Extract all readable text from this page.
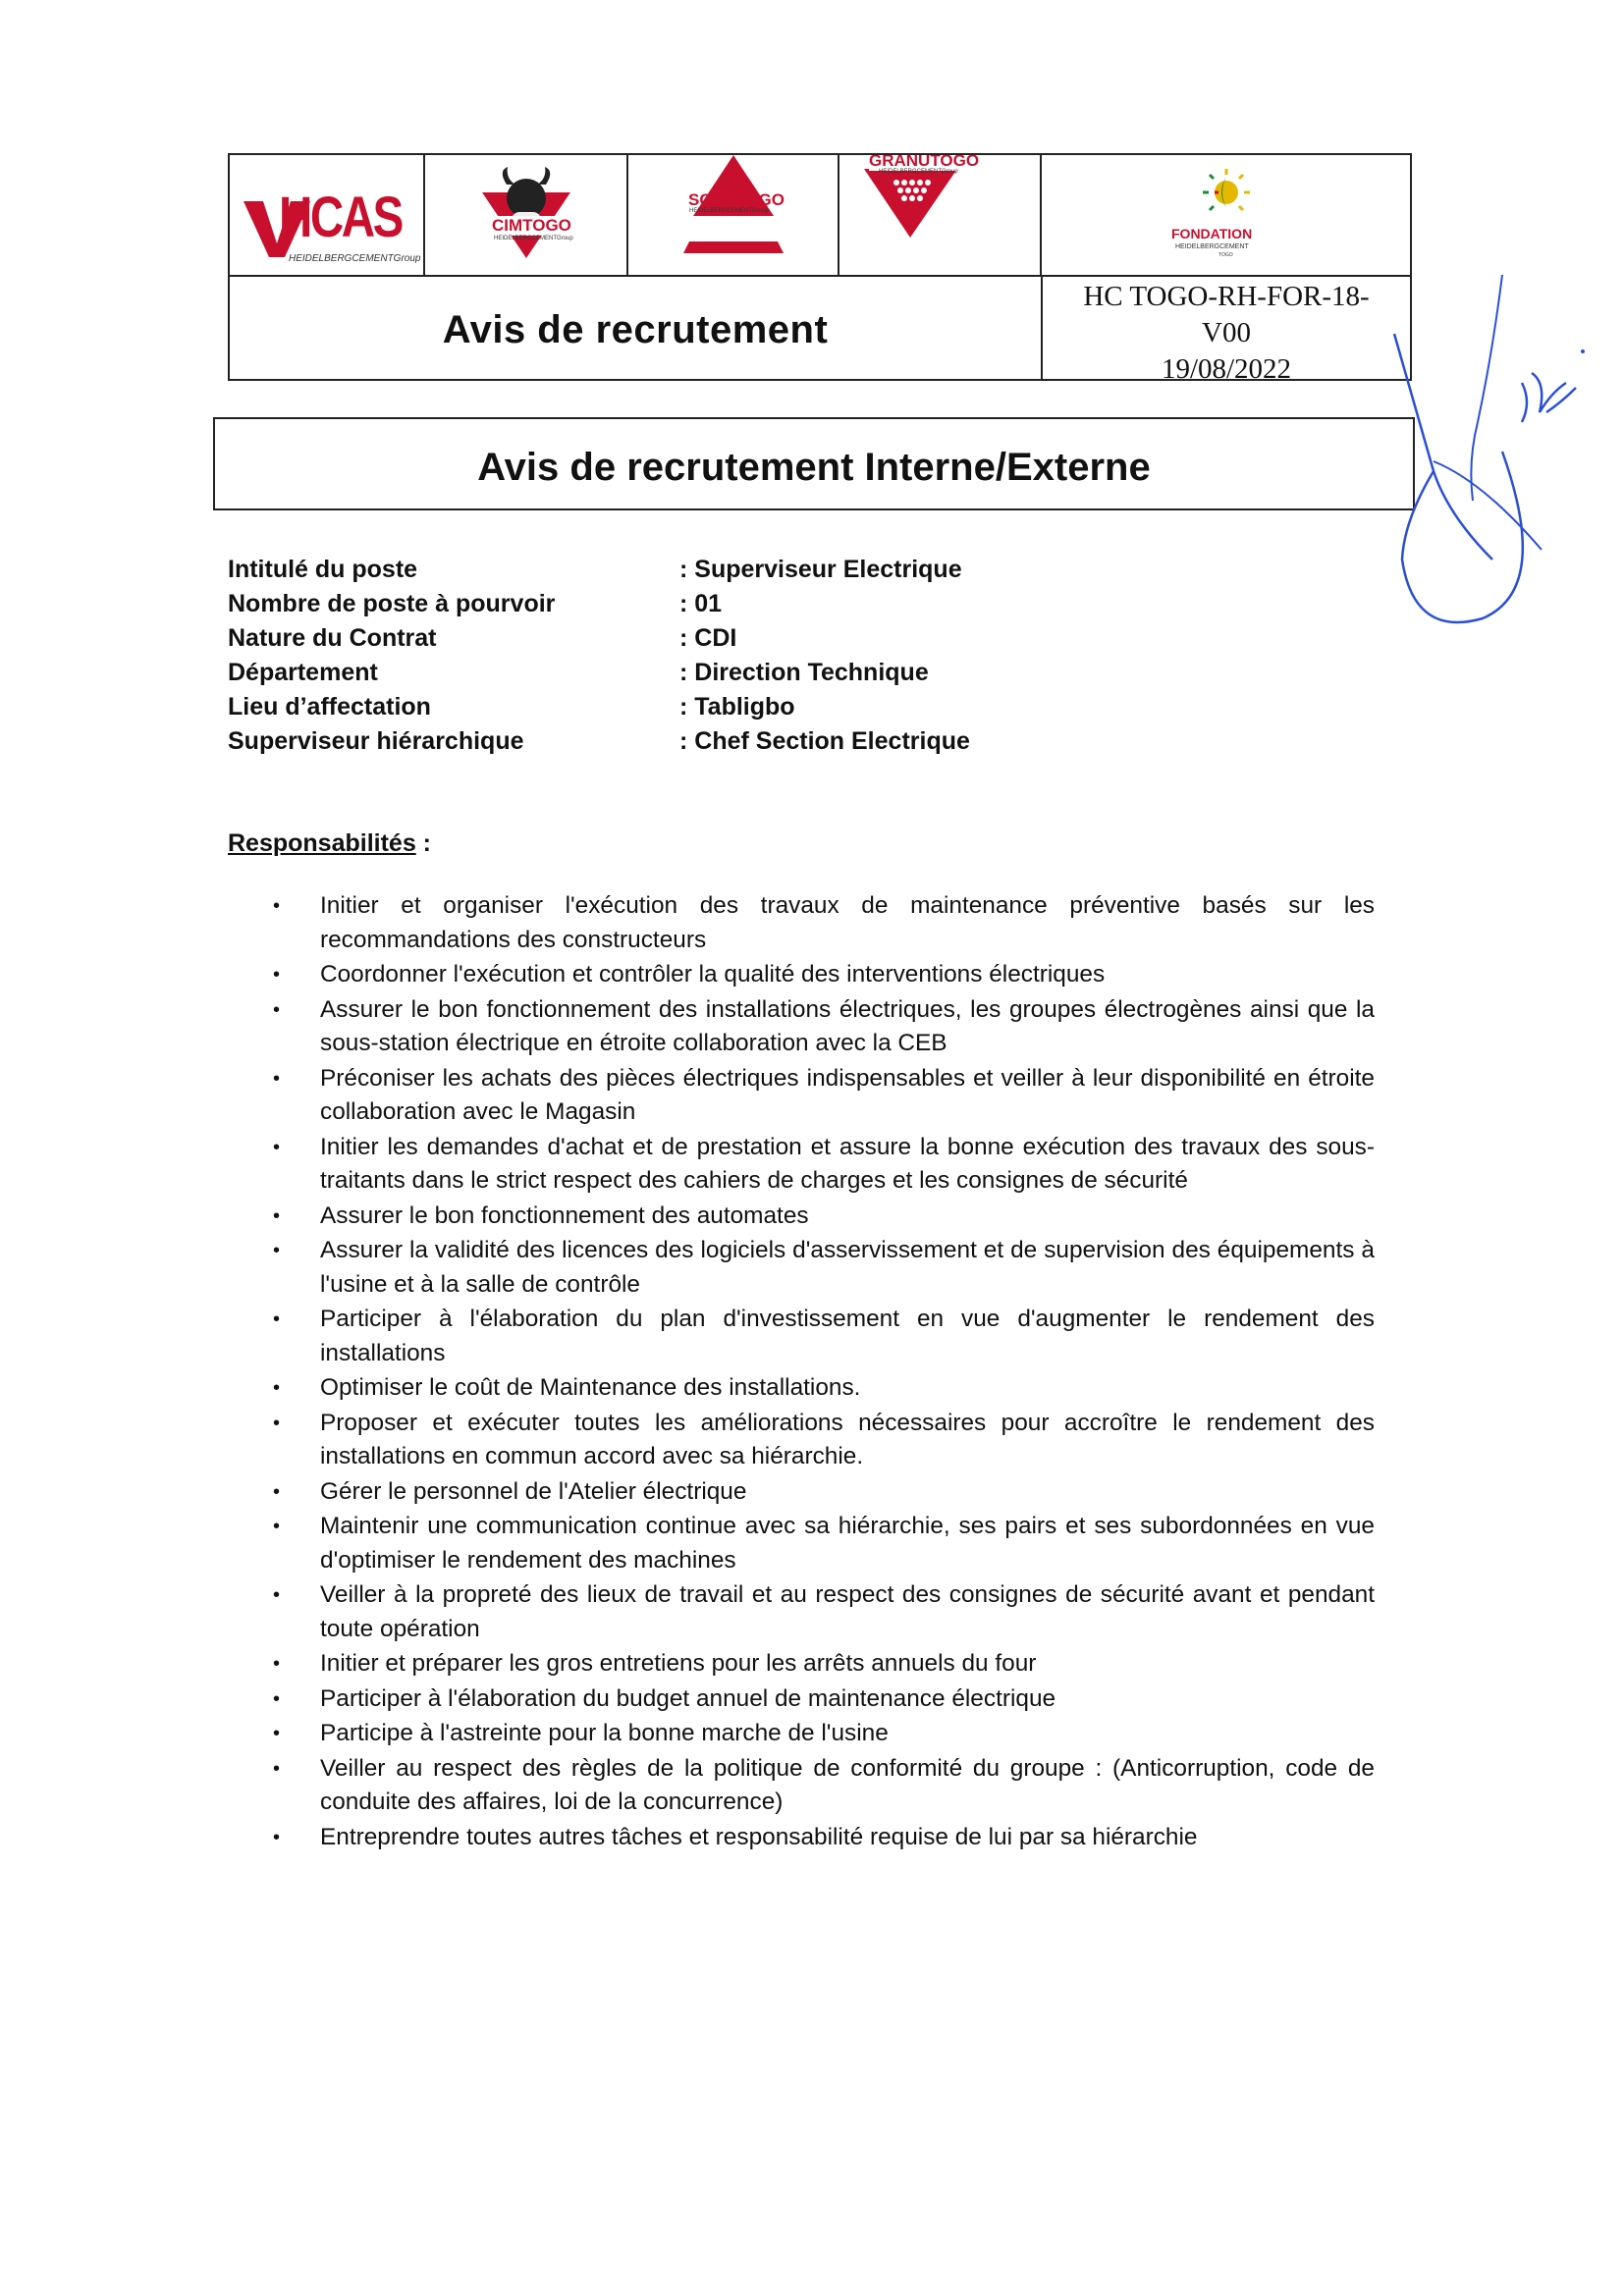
HCAS
HEIDELBERGCEMENTGroup
CIMTOGO
HEIDELBERGCEMENTGroup
SCANTOGO
HEIDELBERGCEMENTGroup
GRANUTOGO
HEIDELBERGCEMENTGroup
FONDATION
HEIDELBERGCEMENT
TOGO
Avis de recrutement
HC TOGO-RH-FOR-18-
V00
19/08/2022
Avis de recrutement Interne/Externe
Intitulé du poste	: Superviseur Electrique
Nombre de poste à pourvoir	: 01
Nature du Contrat	: CDI
Département	: Direction Technique
Lieu d’affectation	: Tabligbo
Superviseur hiérarchique	: Chef Section Electrique
Responsabilités :
• Initier et organiser l'exécution des travaux de maintenance préventive basés sur les recommandations des constructeurs
• Coordonner l'exécution et contrôler la qualité des interventions électriques
• Assurer le bon fonctionnement des installations électriques, les groupes électrogènes ainsi que la sous-station électrique en étroite collaboration avec la CEB
• Préconiser les achats des pièces électriques indispensables et veiller à leur disponibilité en étroite collaboration avec le Magasin
• Initier les demandes d'achat et de prestation et assure la bonne exécution des travaux des sous-traitants dans le strict respect des cahiers de charges et les consignes de sécurité
• Assurer le bon fonctionnement des automates
• Assurer la validité des licences des logiciels d'asservissement et de supervision des équipements à l'usine et à la salle de contrôle
• Participer à l'élaboration du plan d'investissement en vue d'augmenter le rendement des installations
• Optimiser le coût de Maintenance des installations.
• Proposer et exécuter toutes les améliorations nécessaires pour accroître le rendement des installations en commun accord avec sa hiérarchie.
• Gérer le personnel de l'Atelier électrique
• Maintenir une communication continue avec sa hiérarchie, ses pairs et ses subordonnées en vue d'optimiser le rendement des machines
• Veiller à la propreté des lieux de travail et au respect des consignes de sécurité avant et pendant toute opération
• Initier et préparer les gros entretiens pour les arrêts annuels du four
• Participer à l'élaboration du budget annuel de maintenance électrique
• Participe à l'astreinte pour la bonne marche de l'usine
• Veiller au respect des règles de la politique de conformité du groupe : (Anticorruption, code de conduite des affaires, loi de la concurrence)
• Entreprendre toutes autres tâches et responsabilité requise de lui par sa hiérarchie
